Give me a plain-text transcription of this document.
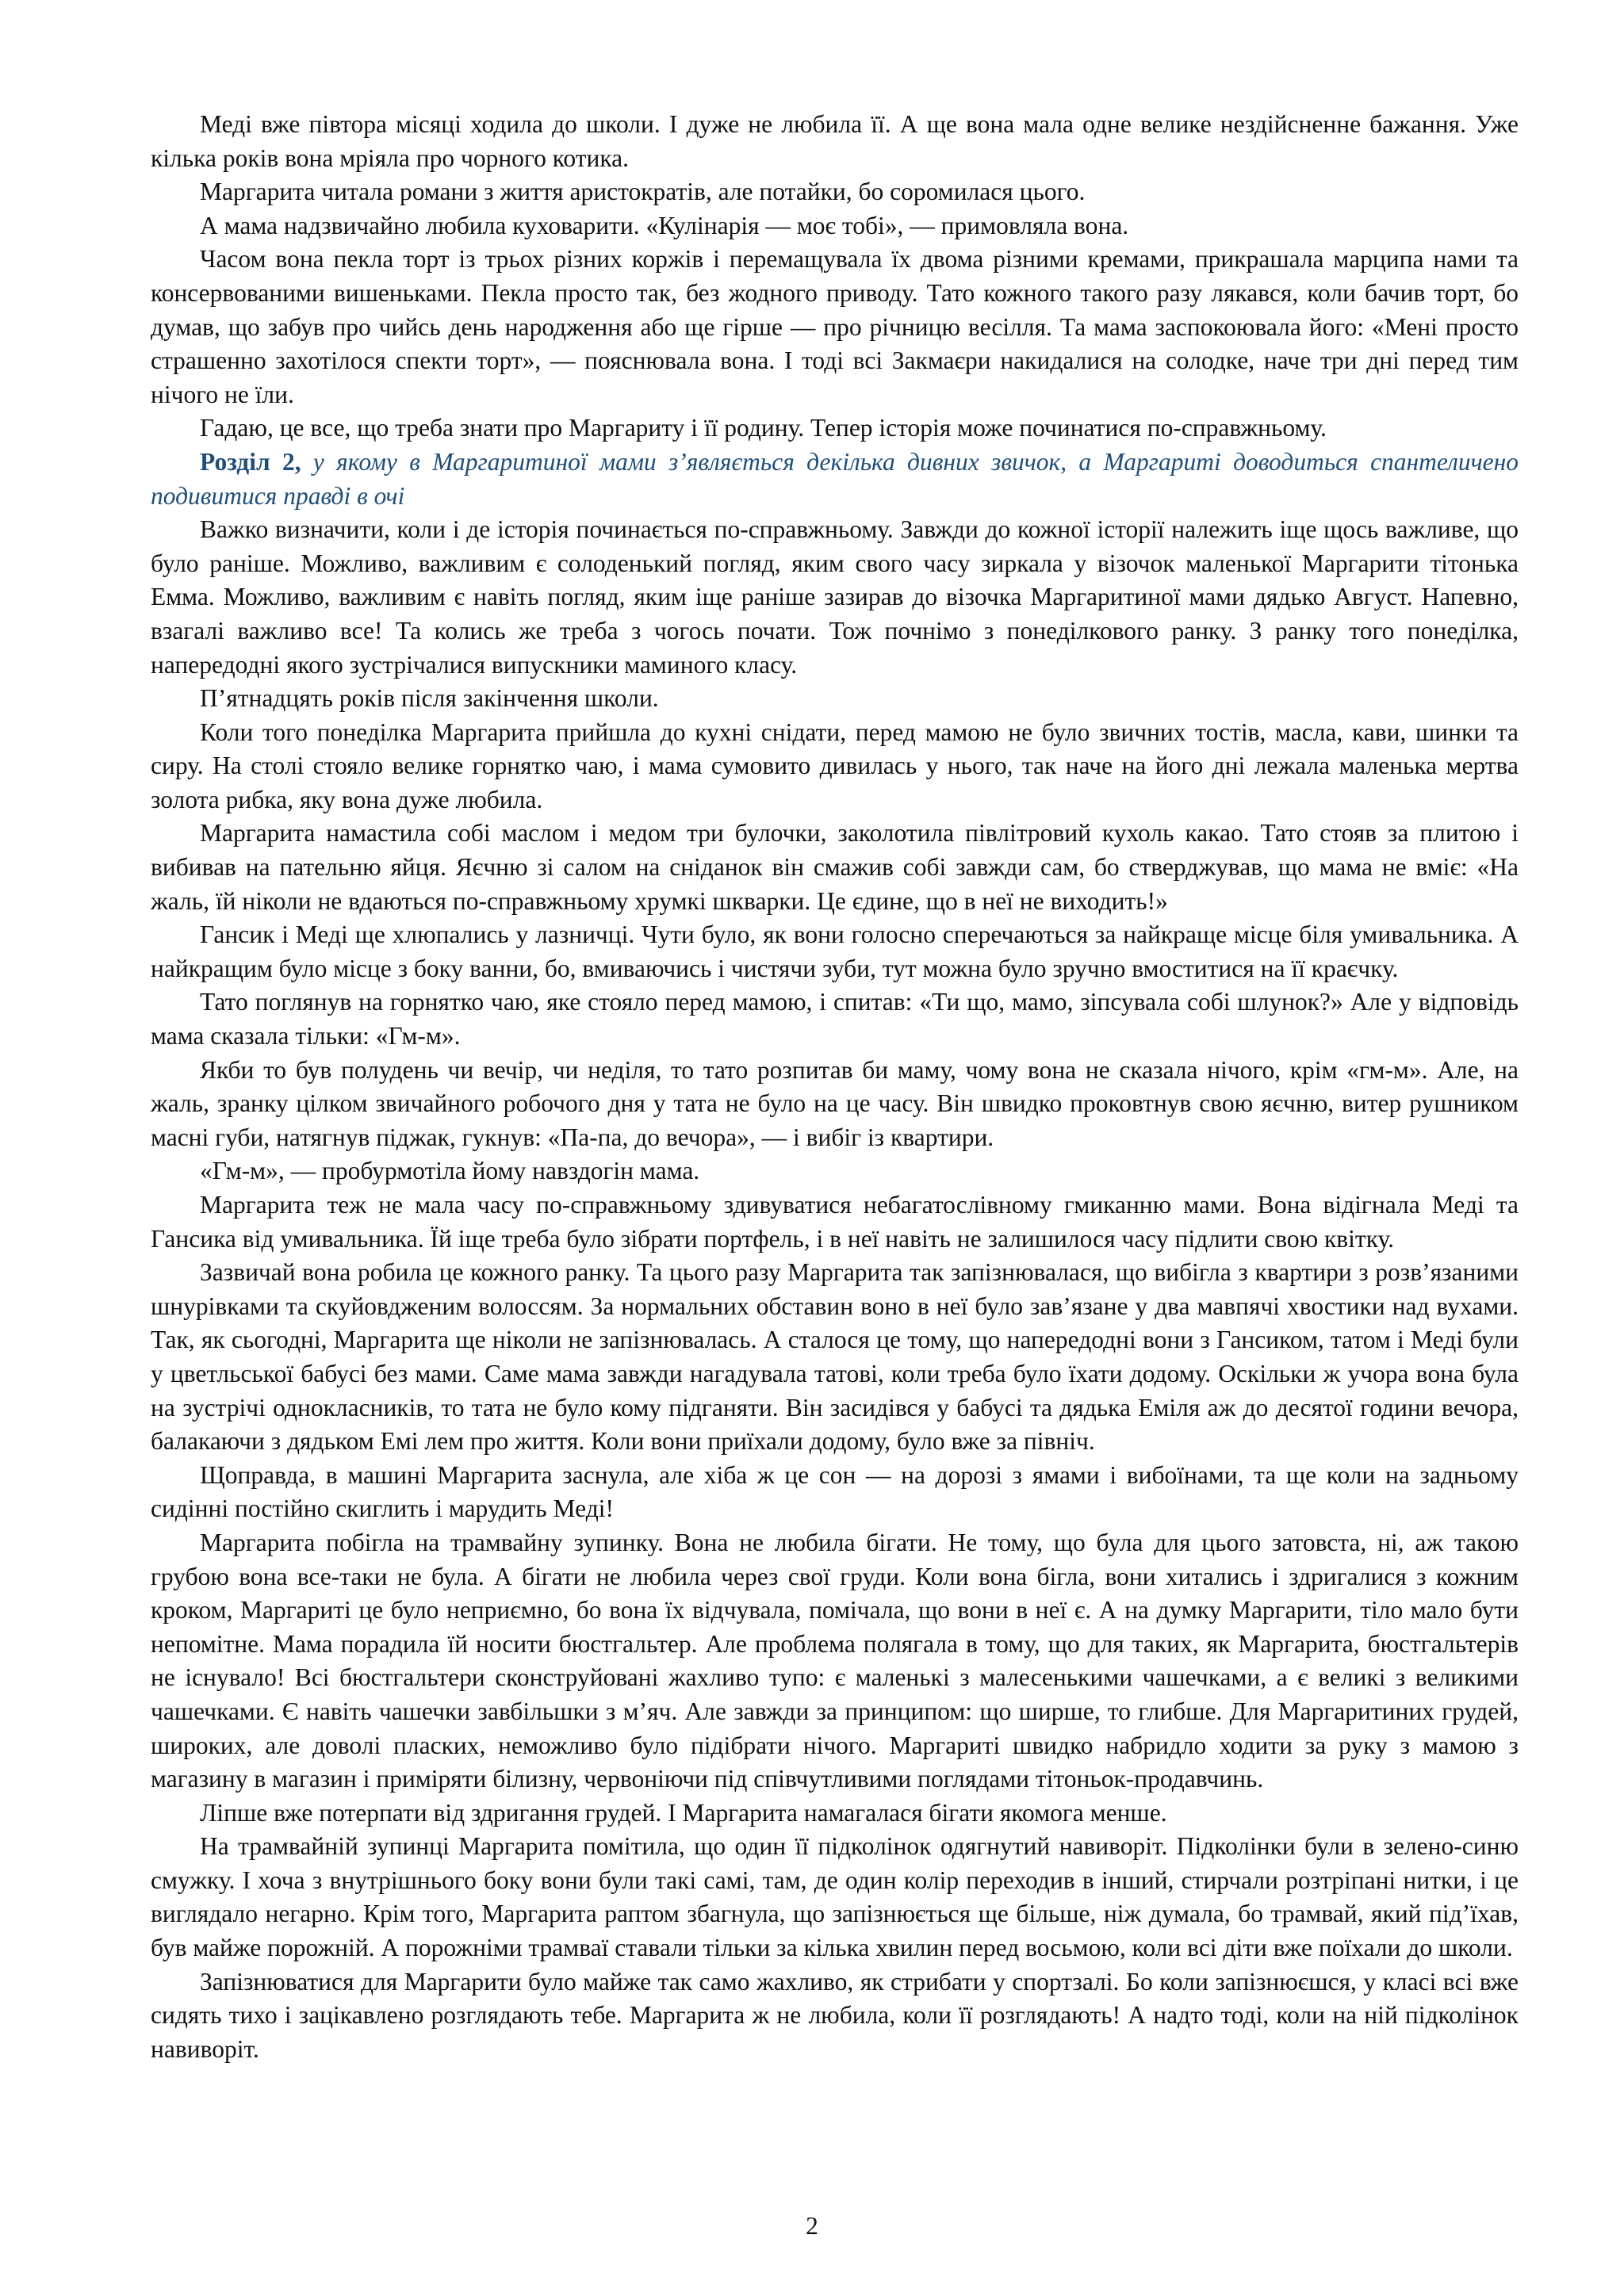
Меді вже півтора місяці ходила до школи. І дуже не любила її. А ще вона мала одне велике нездійсненне бажання. Уже кілька років вона мріяла про чорного котика.

Маргарита читала романи з життя аристократів, але потайки, бо соромилася цього.

А мама надзвичайно любила куховарити. «Кулінарія — моє тобі», — примовляла вона.

Часом вона пекла торт із трьох різних коржів і перемащувала їх двома різними кремами, прикрашала марципа нами та консервованими вишеньками. Пекла просто так, без жодного приводу. Тато кожного такого разу лякався, коли бачив торт, бо думав, що забув про чийсь день народження або ще гірше — про річницю весілля. Та мама заспокоювала його: «Мені просто страшенно захотілося спекти торт», — пояснювала вона. І тоді всі Закмаєри накидалися на солодке, наче три дні перед тим нічого не їли.

Гадаю, це все, що треба знати про Маргариту і її родину. Тепер історія може починатися по-справжньому.

Розділ 2, у якому в Маргаритиної мами з’являється декілька дивних звичок, а Маргариті доводиться спантеличено подивитися правді в очі

Важко визначити, коли і де історія починається по-справжньому. Завжди до кожної історії належить іще щось важливе, що було раніше. Можливо, важливим є солоденький погляд, яким свого часу зиркала у візочок маленької Маргарити тітонька Емма. Можливо, важливим є навіть погляд, яким іще раніше зазирав до візочка Маргаритиної мами дядько Август. Напевно, взагалі важливо все! Та колись же треба з чогось почати. Тож почнімо з понеділкового ранку. З ранку того понеділка, напередодні якого зустрічалися випускники маминого класу.

П’ятнадцять років після закінчення школи.

Коли того понеділка Маргарита прийшла до кухні снідати, перед мамою не було звичних тостів, масла, кави, шинки та сиру. На столі стояло велике горнятко чаю, і мама сумовито дивилась у нього, так наче на його дні лежала маленька мертва золота рибка, яку вона дуже любила.

Маргарита намастила собі маслом і медом три булочки, заколотила півлітровий кухоль какао. Тато стояв за плитою і вибивав на пательню яйця. Яєчню зі салом на сніданок він смажив собі завжди сам, бо стверджував, що мама не вміє: «На жаль, їй ніколи не вдаються по-справжньому хрумкі шкварки. Це єдине, що в неї не виходить!»

Гансик і Меді ще хлюпались у лазничці. Чути було, як вони голосно сперечаються за найкраще місце біля умивальника. А найкращим було місце з боку ванни, бо, вмиваючись і чистячи зуби, тут можна було зручно вмоститися на її краєчку.

Тато поглянув на горнятко чаю, яке стояло перед мамою, і спитав: «Ти що, мамо, зіпсувала собі шлунок?» Але у відповідь мама сказала тільки: «Гм-м».

Якби то був полудень чи вечір, чи неділя, то тато розпитав би маму, чому вона не сказала нічого, крім «гм-м». Але, на жаль, зранку цілком звичайного робочого дня у тата не було на це часу. Він швидко проковтнув свою яєчню, витер рушником масні губи, натягнув піджак, гукнув: «Па-па, до вечора», — і вибіг із квартири.

«Гм-м», — пробурмотіла йому навздогін мама.

Маргарита теж не мала часу по-справжньому здивуватися небагатослівному гмиканню мами. Вона відігнала Меді та Гансика від умивальника. Їй іще треба було зібрати портфель, і в неї навіть не залишилося часу підлити свою квітку.

Зазвичай вона робила це кожного ранку. Та цього разу Маргарита так запізнювалася, що вибігла з квартири з розв’язаними шнурівками та скуйовдженим волоссям. За нормальних обставин воно в неї було зав’язане у два мавпячі хвостики над вухами. Так, як сьогодні, Маргарита ще ніколи не запізнювалась. А сталося це тому, що напередодні вони з Гансиком, татом і Меді були у цветльської бабусі без мами. Саме мама завжди нагадувала татові, коли треба було їхати додому. Оскільки ж учора вона була на зустрічі однокласників, то тата не було кому підганяти. Він засидівся у бабусі та дядька Еміля аж до десятої години вечора, балакаючи з дядьком Емі лем про життя. Коли вони приїхали додому, було вже за північ.

Щоправда, в машині Маргарита заснула, але хіба ж це сон — на дорозі з ямами і вибоїнами, та ще коли на задньому сидінні постійно скиглить і марудить Меді!

Маргарита побігла на трамвайну зупинку. Вона не любила бігати. Не тому, що була для цього затовста, ні, аж такою грубою вона все-таки не була. А бігати не любила через свої груди. Коли вона бігла, вони хитались і здригалися з кожним кроком, Маргариті це було неприємно, бо вона їх відчувала, помічала, що вони в неї є. А на думку Маргарити, тіло мало бути непомітне. Мама порадила їй носити бюстгальтер. Але проблема полягала в тому, що для таких, як Маргарита, бюстгальтерів не існувало! Всі бюстгальтери сконструйовані жахливо тупо: є маленькі з малесенькими чашечками, а є великі з великими чашечками. Є навіть чашечки завбільшки з м’яч. Але завжди за принципом: що ширше, то глибше. Для Маргаритиних грудей, широких, але доволі пласких, неможливо було підібрати нічого. Маргариті швидко набридло ходити за руку з мамою з магазину в магазин і приміряти білизну, червоніючи під співчутливими поглядами тітоньок-продавчинь.

Ліпше вже потерпати від здригання грудей. І Маргарита намагалася бігати якомога менше.

На трамвайній зупинці Маргарита помітила, що один її підколінок одягнутий навиворіт. Підколінки були в зелено-синю смужку. І хоча з внутрішнього боку вони були такі самі, там, де один колір переходив в інший, стирчали розтріпані нитки, і це виглядало негарно. Крім того, Маргарита раптом збагнула, що запізнюється ще більше, ніж думала, бо трамвай, який під’їхав, був майже порожній. А порожніми трамваї ставали тільки за кілька хвилин перед восьмою, коли всі діти вже поїхали до школи.

Запізнюватися для Маргарити було майже так само жахливо, як стрибати у спортзалі. Бо коли запізнюєшся, у класі всі вже сидять тихо і зацікавлено розглядають тебе. Маргарита ж не любила, коли її розглядають! А надто тоді, коли на ній підколінок навиворіт.

2
